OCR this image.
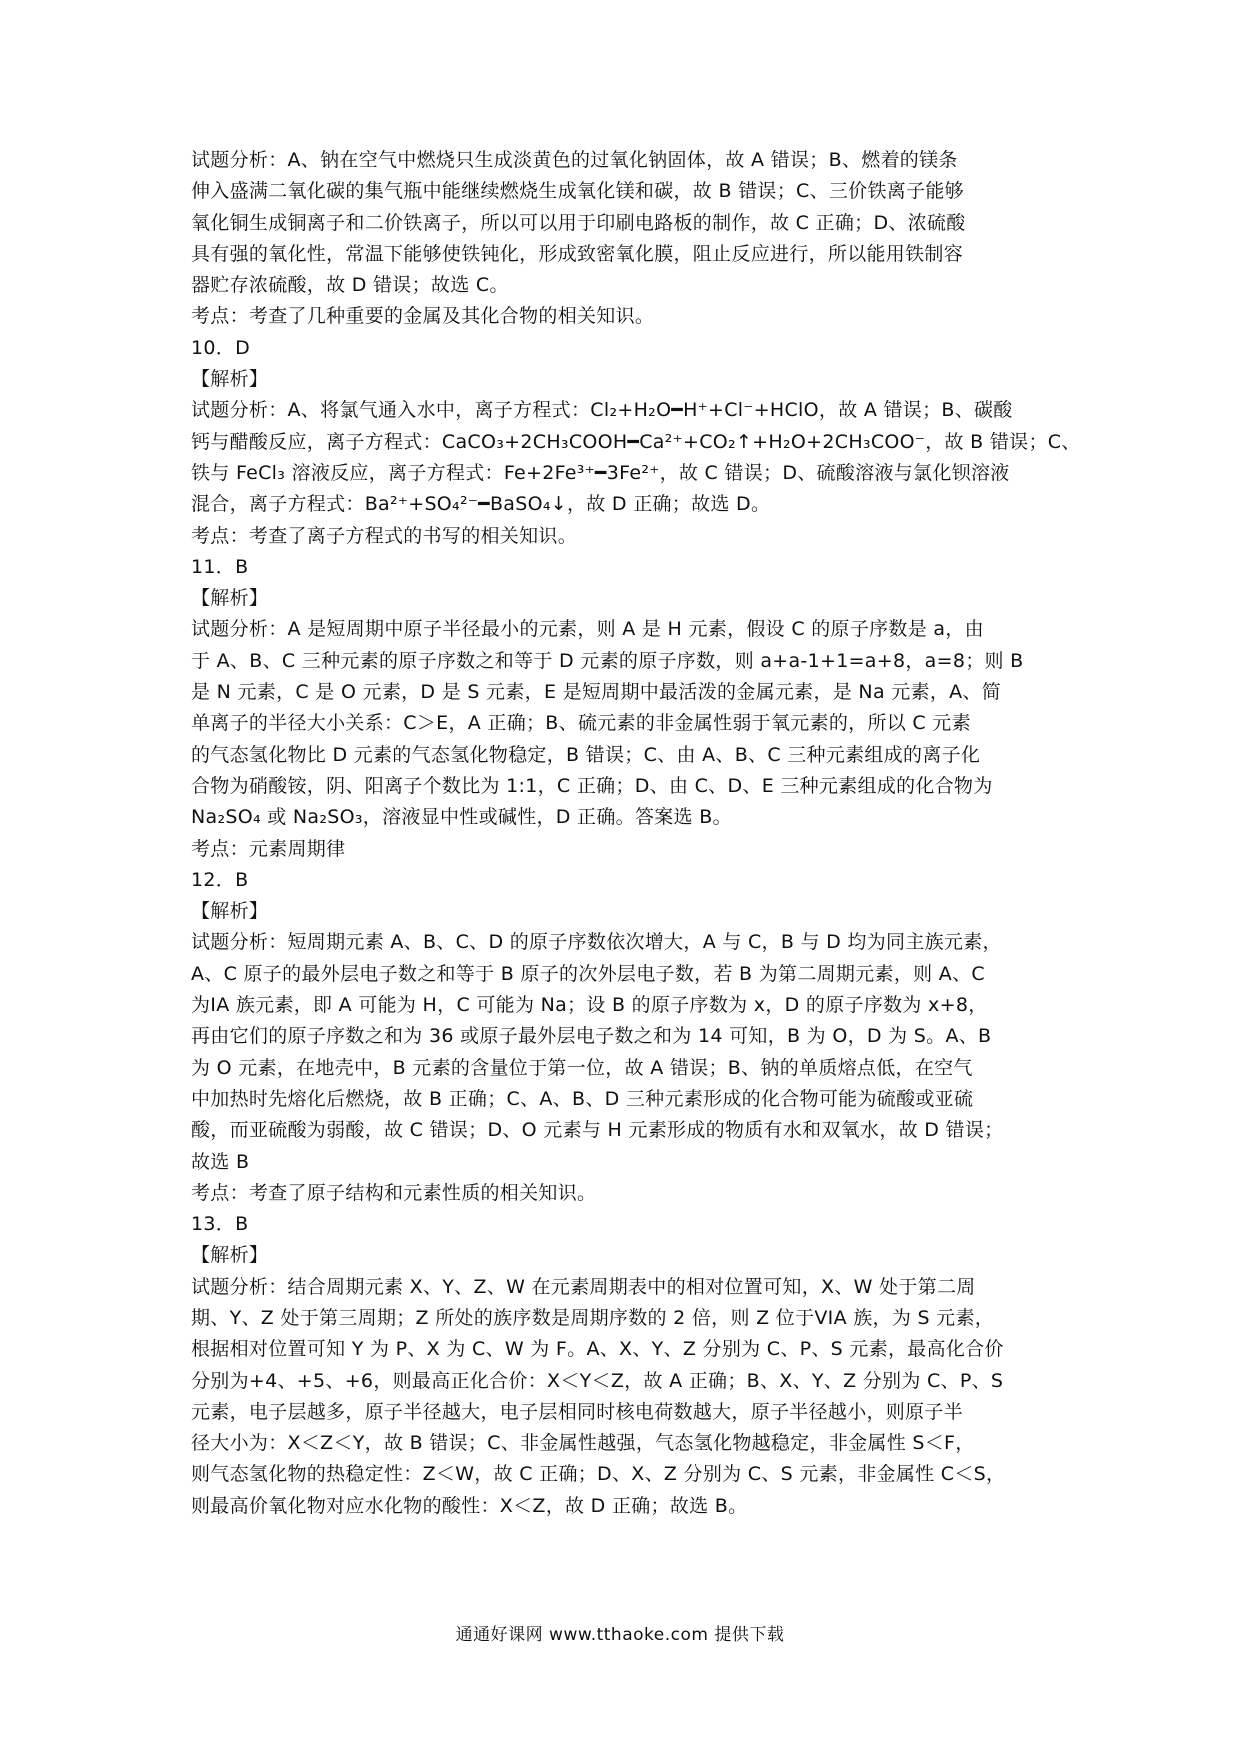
试题分析：A、钠在空气中燃烧只生成淡黄色的过氧化钠固体，故 A 错误；B、燃着的镁条
伸入盛满二氧化碳的集气瓶中能继续燃烧生成氧化镁和碳，故 B 错误；C、三价铁离子能够
氧化铜生成铜离子和二价铁离子，所以可以用于印刷电路板的制作，故 C 正确；D、浓硫酸
具有强的氧化性，常温下能够使铁钝化，形成致密氧化膜，阻止反应进行，所以能用铁制容
器贮存浓硫酸，故 D 错误；故选 C。
考点：考查了几种重要的金属及其化合物的相关知识。
10．D
【解析】
试题分析：A、将氯气通入水中，离子方程式：Cl₂+H₂O━H⁺+Cl⁻+HClO，故 A 错误；B、碳酸
钙与醋酸反应，离子方程式：CaCO₃+2CH₃COOH━Ca²⁺+CO₂↑+H₂O+2CH₃COO⁻，故 B 错误；C、
铁与 FeCl₃ 溶液反应，离子方程式：Fe+2Fe³⁺━3Fe²⁺，故 C 错误；D、硫酸溶液与氯化钡溶液
混合，离子方程式：Ba²⁺+SO₄²⁻━BaSO₄↓，故 D 正确；故选 D。
考点：考查了离子方程式的书写的相关知识。
11．B
【解析】
试题分析：A 是短周期中原子半径最小的元素，则 A 是 H 元素，假设 C 的原子序数是 a，由
于 A、B、C 三种元素的原子序数之和等于 D 元素的原子序数，则 a+a-1+1=a+8，a=8；则 B
是 N 元素，C 是 O 元素，D 是 S 元素，E 是短周期中最活泼的金属元素，是 Na 元素，A、简
单离子的半径大小关系：C＞E，A 正确；B、硫元素的非金属性弱于氧元素的，所以 C 元素
的气态氢化物比 D 元素的气态氢化物稳定，B 错误；C、由 A、B、C 三种元素组成的离子化
合物为硝酸铵，阴、阳离子个数比为 1:1，C 正确；D、由 C、D、E 三种元素组成的化合物为
Na₂SO₄ 或 Na₂SO₃，溶液显中性或碱性，D 正确。答案选 B。
考点：元素周期律
12．B
【解析】
试题分析：短周期元素 A、B、C、D 的原子序数依次增大，A 与 C，B 与 D 均为同主族元素，
A、C 原子的最外层电子数之和等于 B 原子的次外层电子数，若 B 为第二周期元素，则 A、C
为ⅠA 族元素，即 A 可能为 H，C 可能为 Na；设 B 的原子序数为 x，D 的原子序数为 x+8，
再由它们的原子序数之和为 36 或原子最外层电子数之和为 14 可知，B 为 O，D 为 S。A、B
为 O 元素，在地壳中，B 元素的含量位于第一位，故 A 错误；B、钠的单质熔点低，在空气
中加热时先熔化后燃烧，故 B 正确；C、A、B、D 三种元素形成的化合物可能为硫酸或亚硫
酸，而亚硫酸为弱酸，故 C 错误；D、O 元素与 H 元素形成的物质有水和双氧水，故 D 错误；
故选 B
考点：考查了原子结构和元素性质的相关知识。
13．B
【解析】
试题分析：结合周期元素 X、Y、Z、W 在元素周期表中的相对位置可知，X、W 处于第二周
期、Y、Z 处于第三周期；Z 所处的族序数是周期序数的 2 倍，则 Z 位于VIA 族，为 S 元素，
根据相对位置可知 Y 为 P、X 为 C、W 为 F。A、X、Y、Z 分别为 C、P、S 元素，最高化合价
分别为+4、+5、+6，则最高正化合价：X＜Y＜Z，故 A 正确；B、X、Y、Z 分别为 C、P、S
元素，电子层越多，原子半径越大，电子层相同时核电荷数越大，原子半径越小，则原子半
径大小为：X＜Z＜Y，故 B 错误；C、非金属性越强，气态氢化物越稳定，非金属性 S＜F，
则气态氢化物的热稳定性：Z＜W，故 C 正确；D、X、Z 分别为 C、S 元素，非金属性 C＜S，
则最高价氧化物对应水化物的酸性：X＜Z，故 D 正确；故选 B。
通通好课网 www.tthaoke.com 提供下载
